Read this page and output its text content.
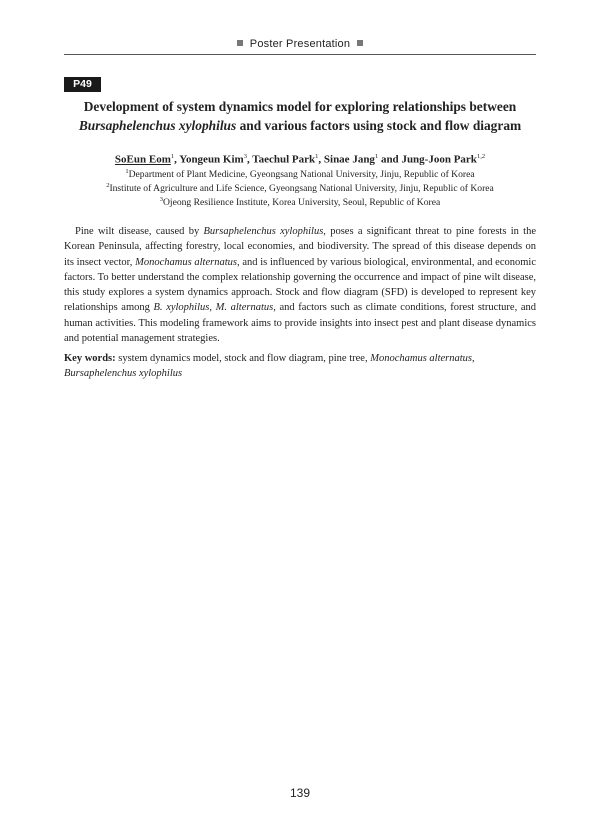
Poster Presentation
P49
Development of system dynamics model for exploring relationships between
Bursaphelenchus xylophilus and various factors using stock and flow diagram
SoEun Eom$^1$, Yongeun Kim$^3$, Taechul Park$^1$, Sinae Jang$^1$ and Jung-Joon Park$^{1,2}$
$^1$Department of Plant Medicine, Gyeongsang National University, Jinju, Republic of Korea
$^2$Institute of Agriculture and Life Science, Gyeongsang National University, Jinju, Republic of Korea
$^3$Ojeong Resilience Institute, Korea University, Seoul, Republic of Korea

Pine wilt disease, caused by Bursaphelenchus xylophilus, poses a significant threat to pine forests in the Korean Peninsula, affecting forestry, local economies, and biodiversity. The spread of this disease depends on its insect vector, Monochamus alternatus, and is influenced by various biological, environmental, and economic factors. To better understand the complex relationship governing the occurrence and impact of pine wilt disease, this study explores a system dynamics approach. Stock and flow diagram (SFD) is developed to represent key relationships among B. xylophilus, M. alternatus, and factors such as climate conditions, forest structure, and human activities. This modeling framework aims to provide insights into insect pest and plant disease dynamics and potential management strategies.

Key words: system dynamics model, stock and flow diagram, pine tree, Monochamus alternatus, Bursaphelenchus xylophilus

139
